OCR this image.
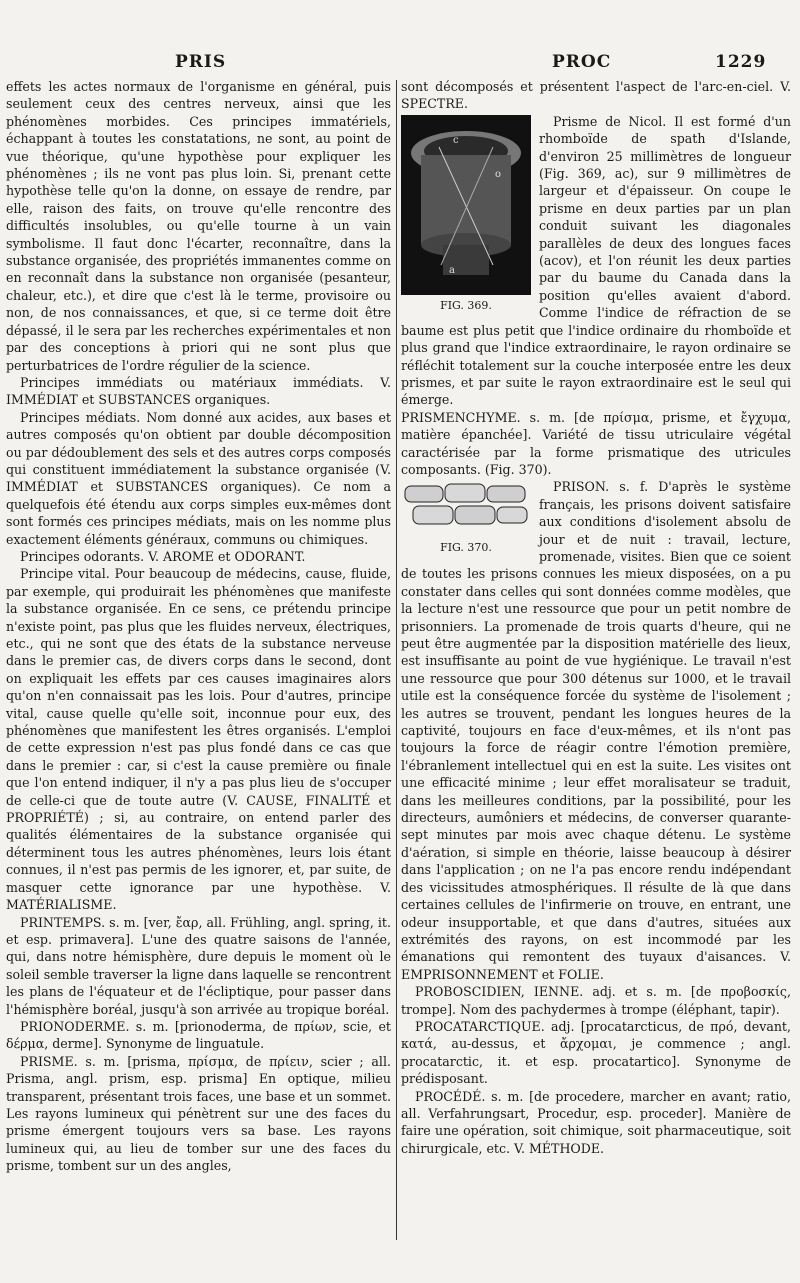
PRIS	PROC	1229

effets les actes normaux de l'organisme en général, puis seulement ceux des centres nerveux, ainsi que les phénomènes morbides. Ces principes immatériels, échappant à toutes les constatations, ne sont, au point de vue théorique, qu'une hypothèse pour expliquer les phénomènes ; ils ne vont pas plus loin. Si, prenant cette hypothèse telle qu'on la donne, on essaye de rendre, par elle, raison des faits, on trouve qu'elle rencontre des difficultés insolubles, ou qu'elle tourne à un vain symbolisme. Il faut donc l'écarter, reconnaître, dans la substance organisée, des propriétés immanentes comme on en reconnaît dans la substance non organisée (pesanteur, chaleur, etc.), et dire que c'est là le terme, provisoire ou non, de nos connaissances, et que, si ce terme doit être dépassé, il le sera par les recherches expérimentales et non par des conceptions à priori qui ne sont plus que perturbatrices de l'ordre régulier de la science.

Principes immédiats ou matériaux immédiats. V. IMMÉDIAT et SUBSTANCES organiques.

Principes médiats. Nom donné aux acides, aux bases et autres composés qu'on obtient par double décomposition ou par dédoublement des sels et des autres corps composés qui constituent immédiatement la substance organisée (V. IMMÉDIAT et SUBSTANCES organiques). Ce nom a quelquefois été étendu aux corps simples eux-mêmes dont sont formés ces principes médiats, mais on les nomme plus exactement éléments généraux, communs ou chimiques.

Principes odorants. V. AROME et ODORANT.

Principe vital. Pour beaucoup de médecins, cause, fluide, par exemple, qui produirait les phénomènes que manifeste la substance organisée. En ce sens, ce prétendu principe n'existe point, pas plus que les fluides nerveux, électriques, etc., qui ne sont que des états de la substance nerveuse dans le premier cas, de divers corps dans le second, dont on expliquait les effets par ces causes imaginaires alors qu'on n'en connaissait pas les lois. Pour d'autres, principe vital, cause quelle qu'elle soit, inconnue pour eux, des phénomènes que manifestent les êtres organisés. L'emploi de cette expression n'est pas plus fondé dans ce cas que dans le premier : car, si c'est la cause première ou finale que l'on entend indiquer, il n'y a pas plus lieu de s'occuper de celle-ci que de toute autre (V. CAUSE, FINALITÉ et PROPRIÉTÉ) ; si, au contraire, on entend parler des qualités élémentaires de la substance organisée qui déterminent tous les autres phénomènes, leurs lois étant connues, il n'est pas permis de les ignorer, et, par suite, de masquer cette ignorance par une hypothèse. V. MATÉRIALISME.

PRINTEMPS. s. m. [ver, ἔαρ, all. Frühling, angl. spring, it. et esp. primavera]. L'une des quatre saisons de l'année, qui, dans notre hémisphère, dure depuis le moment où le soleil semble traverser la ligne dans laquelle se rencontrent les plans de l'équateur et de l'écliptique, pour passer dans l'hémisphère boréal, jusqu'à son arrivée au tropique boréal.

PRIONODERME. s. m. [prionoderma, de πρίων, scie, et δέρμα, derme]. Synonyme de linguatule.

PRISME. s. m. [prisma, πρίσμα, de πρίειν, scier ; all. Prisma, angl. prism, esp. prisma] En optique, milieu transparent, présentant trois faces, une base et un sommet. Les rayons lumineux qui pénètrent sur une des faces du prisme émergent toujours vers sa base. Les rayons lumineux qui, au lieu de tomber sur une des faces du prisme, tombent sur un des angles,

sont décomposés et présentent l'aspect de l'arc-en-ciel. V. SPECTRE.

c
o
a
FIG. 369.

Prisme de Nicol. Il est formé d'un rhomboïde de spath d'Islande, d'environ 25 millimètres de longueur (Fig. 369, ac), sur 9 millimètres de largeur et d'épaisseur. On coupe le prisme en deux parties par un plan conduit suivant les diagonales parallèles de deux des longues faces (acov), et l'on réunit les deux parties par du baume du Canada dans la position qu'elles avaient d'abord. Comme l'indice de réfraction de se baume est plus petit que l'indice ordinaire du rhomboïde et plus grand que l'indice extraordinaire, le rayon ordinaire se réfléchit totalement sur la couche interposée entre les deux prismes, et par suite le rayon extraordinaire est le seul qui émerge.

PRISMENCHYME. s. m. [de πρίσμα, prisme, et ἔγχυμα, matière épanchée]. Variété de tissu utriculaire végétal caractérisée par la forme prismatique des utricules composants. (Fig. 370).

FIG. 370.

PRISON. s. f. D'après le système français, les prisons doivent satisfaire aux conditions d'isolement absolu de jour et de nuit : travail, lecture, promenade, visites. Bien que ce soient de toutes les prisons connues les mieux disposées, on a pu constater dans celles qui sont données comme modèles, que la lecture n'est une ressource que pour un petit nombre de prisonniers. La promenade de trois quarts d'heure, qui ne peut être augmentée par la disposition matérielle des lieux, est insuffisante au point de vue hygiénique. Le travail n'est une ressource que pour 300 détenus sur 1000, et le travail utile est la conséquence forcée du système de l'isolement ; les autres se trouvent, pendant les longues heures de la captivité, toujours en face d'eux-mêmes, et ils n'ont pas toujours la force de réagir contre l'émotion première, l'ébranlement intellectuel qui en est la suite. Les visites ont une efficacité minime ; leur effet moralisateur se traduit, dans les meilleures conditions, par la possibilité, pour les directeurs, aumôniers et médecins, de converser quarante-sept minutes par mois avec chaque détenu. Le système d'aération, si simple en théorie, laisse beaucoup à désirer dans l'application ; on ne l'a pas encore rendu indépendant des vicissitudes atmosphériques. Il résulte de là que dans certaines cellules de l'infirmerie on trouve, en entrant, une odeur insupportable, et que dans d'autres, situées aux extrémités des rayons, on est incommodé par les émanations qui remontent des tuyaux d'aisances. V. EMPRISONNEMENT et FOLIE.

PROBOSCIDIEN, IENNE. adj. et s. m. [de προβοσκίς, trompe]. Nom des pachydermes à trompe (éléphant, tapir).

PROCATARCTIQUE. adj. [procatarcticus, de πρό, devant, κατά, au-dessus, et ἄρχομαι, je commence ; angl. procatarctic, it. et esp. procatartico]. Synonyme de prédisposant.

PROCÉDÉ. s. m. [de procedere, marcher en avant; ratio, all. Verfahrungsart, Procedur, esp. proceder]. Manière de faire une opération, soit chimique, soit pharmaceutique, soit chirurgicale, etc. V. MÉTHODE.
